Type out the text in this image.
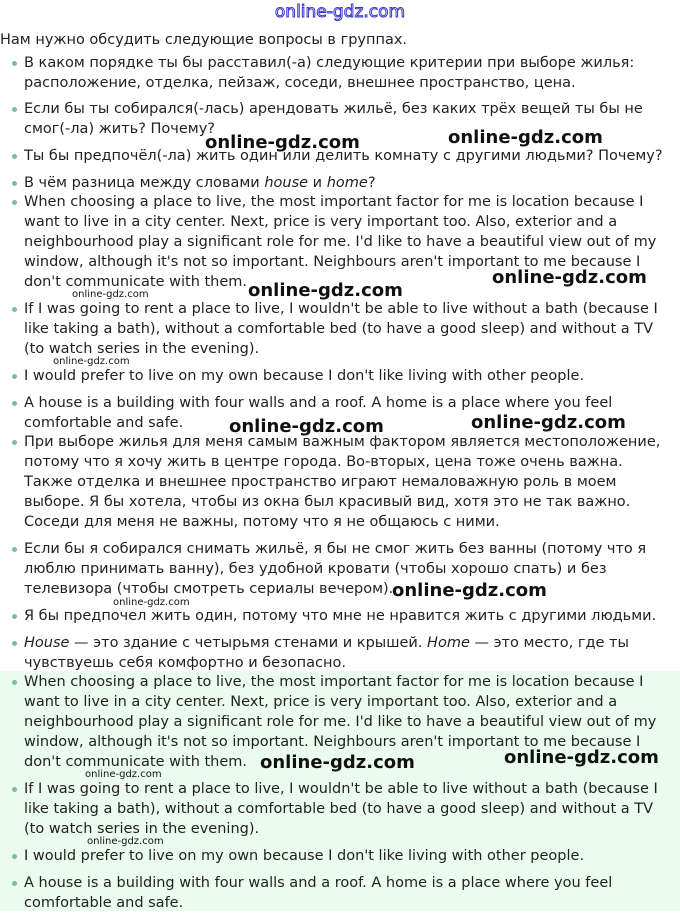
online-gdz.com
Нам нужно обсудить следующие вопросы в группах.
В каком порядке ты бы расставил(-а) следующие критерии при выборе жилья: расположение, отделка, пейзаж, соседи, внешнее пространство, цена.
Если бы ты собирался(-лась) арендовать жильё, без каких трёх вещей ты бы не смог(-ла) жить? Почему?
Ты бы предпочёл(-ла) жить один или делить комнату с другими людьми? Почему?
В чём разница между словами house и home?
When choosing a place to live, the most important factor for me is location because I want to live in a city center. Next, price is very important too. Also, exterior and a neighbourhood play a significant role for me. I'd like to have a beautiful view out of my window, although it's not so important. Neighbours aren't important to me because I don't communicate with them.
If I was going to rent a place to live, I wouldn't be able to live without a bath (because I like taking a bath), without a comfortable bed (to have a good sleep) and without a TV (to watch series in the evening).
I would prefer to live on my own because I don't like living with other people.
A house is a building with four walls and a roof. A home is a place where you feel comfortable and safe.
При выборе жилья для меня самым важным фактором является местоположение, потому что я хочу жить в центре города. Во-вторых, цена тоже очень важна. Также отделка и внешнее пространство играют немаловажную роль в моем выборе. Я бы хотела, чтобы из окна был красивый вид, хотя это не так важно. Соседи для меня не важны, потому что я не общаюсь с ними.
Если бы я собирался снимать жильё, я бы не смог жить без ванны (потому что я люблю принимать ванну), без удобной кровати (чтобы хорошо спать) и без телевизора (чтобы смотреть сериалы вечером).
Я бы предпочел жить один, потому что мне не нравится жить с другими людьми.
House — это здание с четырьмя стенами и крышей. Home — это место, где ты чувствуешь себя комфортно и безопасно.
When choosing a place to live, the most important factor for me is location because I want to live in a city center. Next, price is very important too. Also, exterior and a neighbourhood play a significant role for me. I'd like to have a beautiful view out of my window, although it's not so important. Neighbours aren't important to me because I don't communicate with them.
If I was going to rent a place to live, I wouldn't be able to live without a bath (because I like taking a bath), without a comfortable bed (to have a good sleep) and without a TV (to watch series in the evening).
I would prefer to live on my own because I don't like living with other people.
A house is a building with four walls and a roof. A home is a place where you feel comfortable and safe.
online-gdz.com	online-gdz.com
online-gdz.com
online-gdz.com	online-gdz.com
online-gdz.com
online-gdz.com	online-gdz.com
online-gdz.com
online-gdz.com
online-gdz.com	online-gdz.com
online-gdz.com
online-gdz.com
